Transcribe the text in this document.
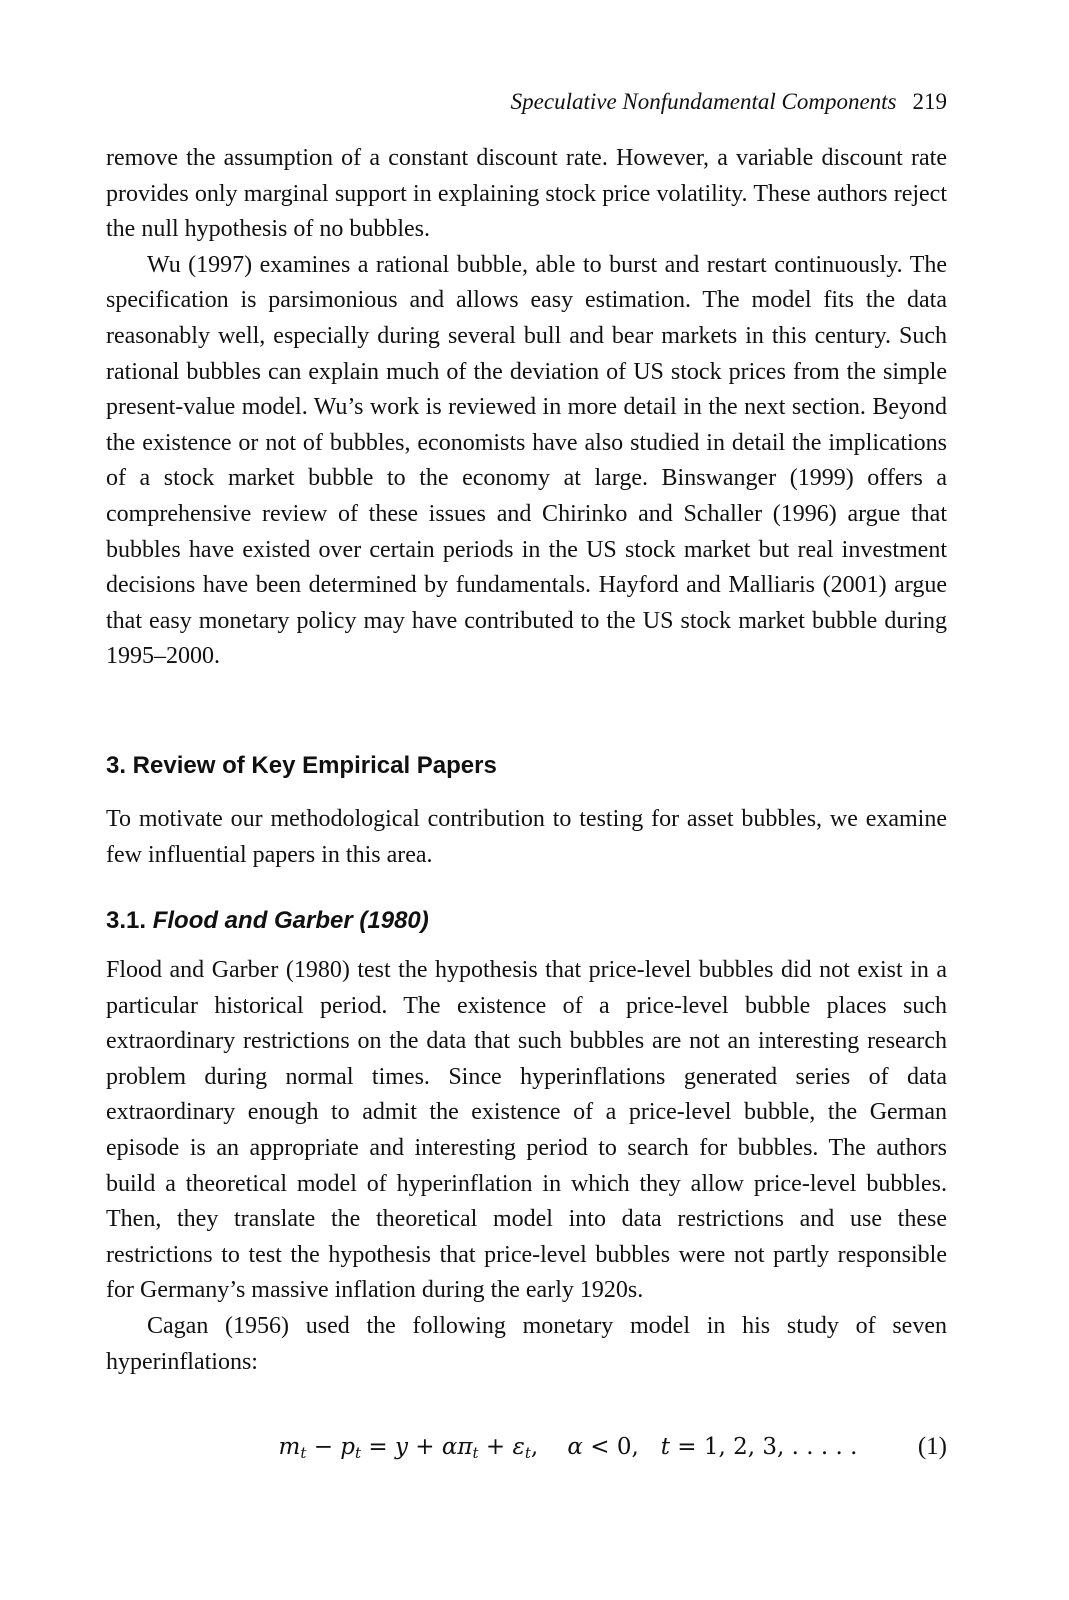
Speculative Nonfundamental Components 219

remove the assumption of a constant discount rate. However, a variable discount rate provides only marginal support in explaining stock price volatility. These authors reject the null hypothesis of no bubbles.

Wu (1997) examines a rational bubble, able to burst and restart continuously. The specification is parsimonious and allows easy estimation. The model fits the data reasonably well, especially during several bull and bear markets in this century. Such rational bubbles can explain much of the deviation of US stock prices from the simple present-value model. Wu’s work is reviewed in more detail in the next section. Beyond the existence or not of bubbles, economists have also studied in detail the implications of a stock market bubble to the economy at large. Binswanger (1999) offers a comprehensive review of these issues and Chirinko and Schaller (1996) argue that bubbles have existed over certain periods in the US stock market but real investment decisions have been determined by fundamentals. Hayford and Malliaris (2001) argue that easy monetary policy may have contributed to the US stock market bubble during 1995–2000.

3. Review of Key Empirical Papers

To motivate our methodological contribution to testing for asset bubbles, we examine few influential papers in this area.

3.1. Flood and Garber (1980)

Flood and Garber (1980) test the hypothesis that price-level bubbles did not exist in a particular historical period. The existence of a price-level bubble places such extraordinary restrictions on the data that such bubbles are not an interesting research problem during normal times. Since hyperinflations generated series of data extraordinary enough to admit the existence of a price-level bubble, the German episode is an appropriate and interesting period to search for bubbles. The authors build a theoretical model of hyperinflation in which they allow price-level bubbles. Then, they translate the theoretical model into data restrictions and use these restrictions to test the hypothesis that price-level bubbles were not partly responsible for Germany’s massive inflation during the early 1920s.

Cagan (1956) used the following monetary model in his study of seven hyperinflations:

$m_t - p_t = y + \alpha\pi_t + \varepsilon_t$,    α < 0,   t = 1, 2, 3, . . . . .	(1)
